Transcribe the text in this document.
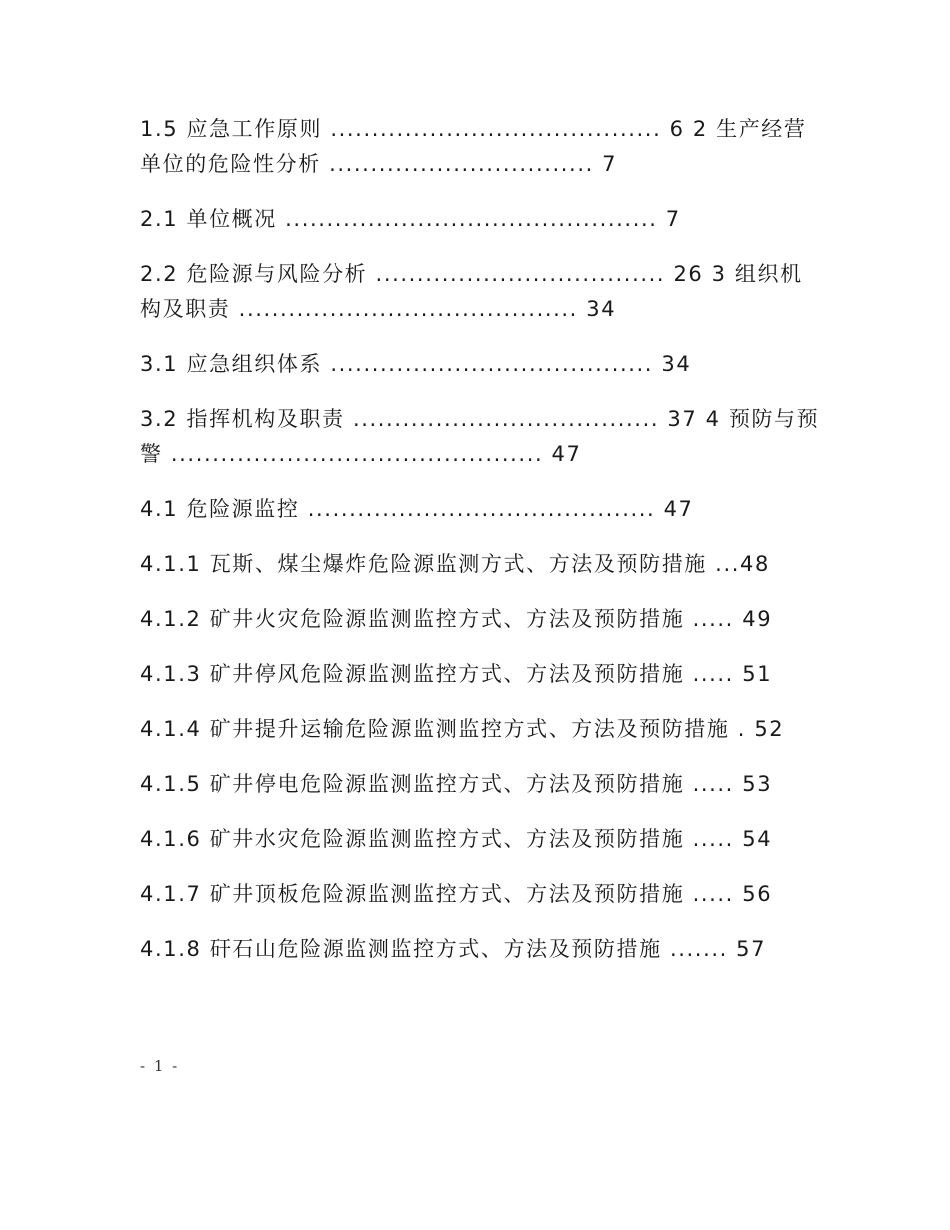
1.5 应急工作原则 ........................................ 6 2 生产经营单位的危险性分析 ................................ 7
2.1 单位概况 ............................................. 7
2.2 危险源与风险分析 ................................... 26 3 组织机构及职责 ......................................... 34
3.1 应急组织体系 ....................................... 34
3.2 指挥机构及职责 ..................................... 37 4 预防与预警 ............................................. 47
4.1 危险源监控 .......................................... 47
4.1.1 瓦斯、煤尘爆炸危险源监测方式、方法及预防措施 ...48
4.1.2 矿井火灾危险源监测监控方式、方法及预防措施 ..... 49
4.1.3 矿井停风危险源监测监控方式、方法及预防措施 ..... 51
4.1.4 矿井提升运输危险源监测监控方式、方法及预防措施 . 52
4.1.5 矿井停电危险源监测监控方式、方法及预防措施 ..... 53
4.1.6 矿井水灾危险源监测监控方式、方法及预防措施 ..... 54
4.1.7 矿井顶板危险源监测监控方式、方法及预防措施 ..... 56
4.1.8 矸石山危险源监测监控方式、方法及预防措施 ....... 57
- 1 -
